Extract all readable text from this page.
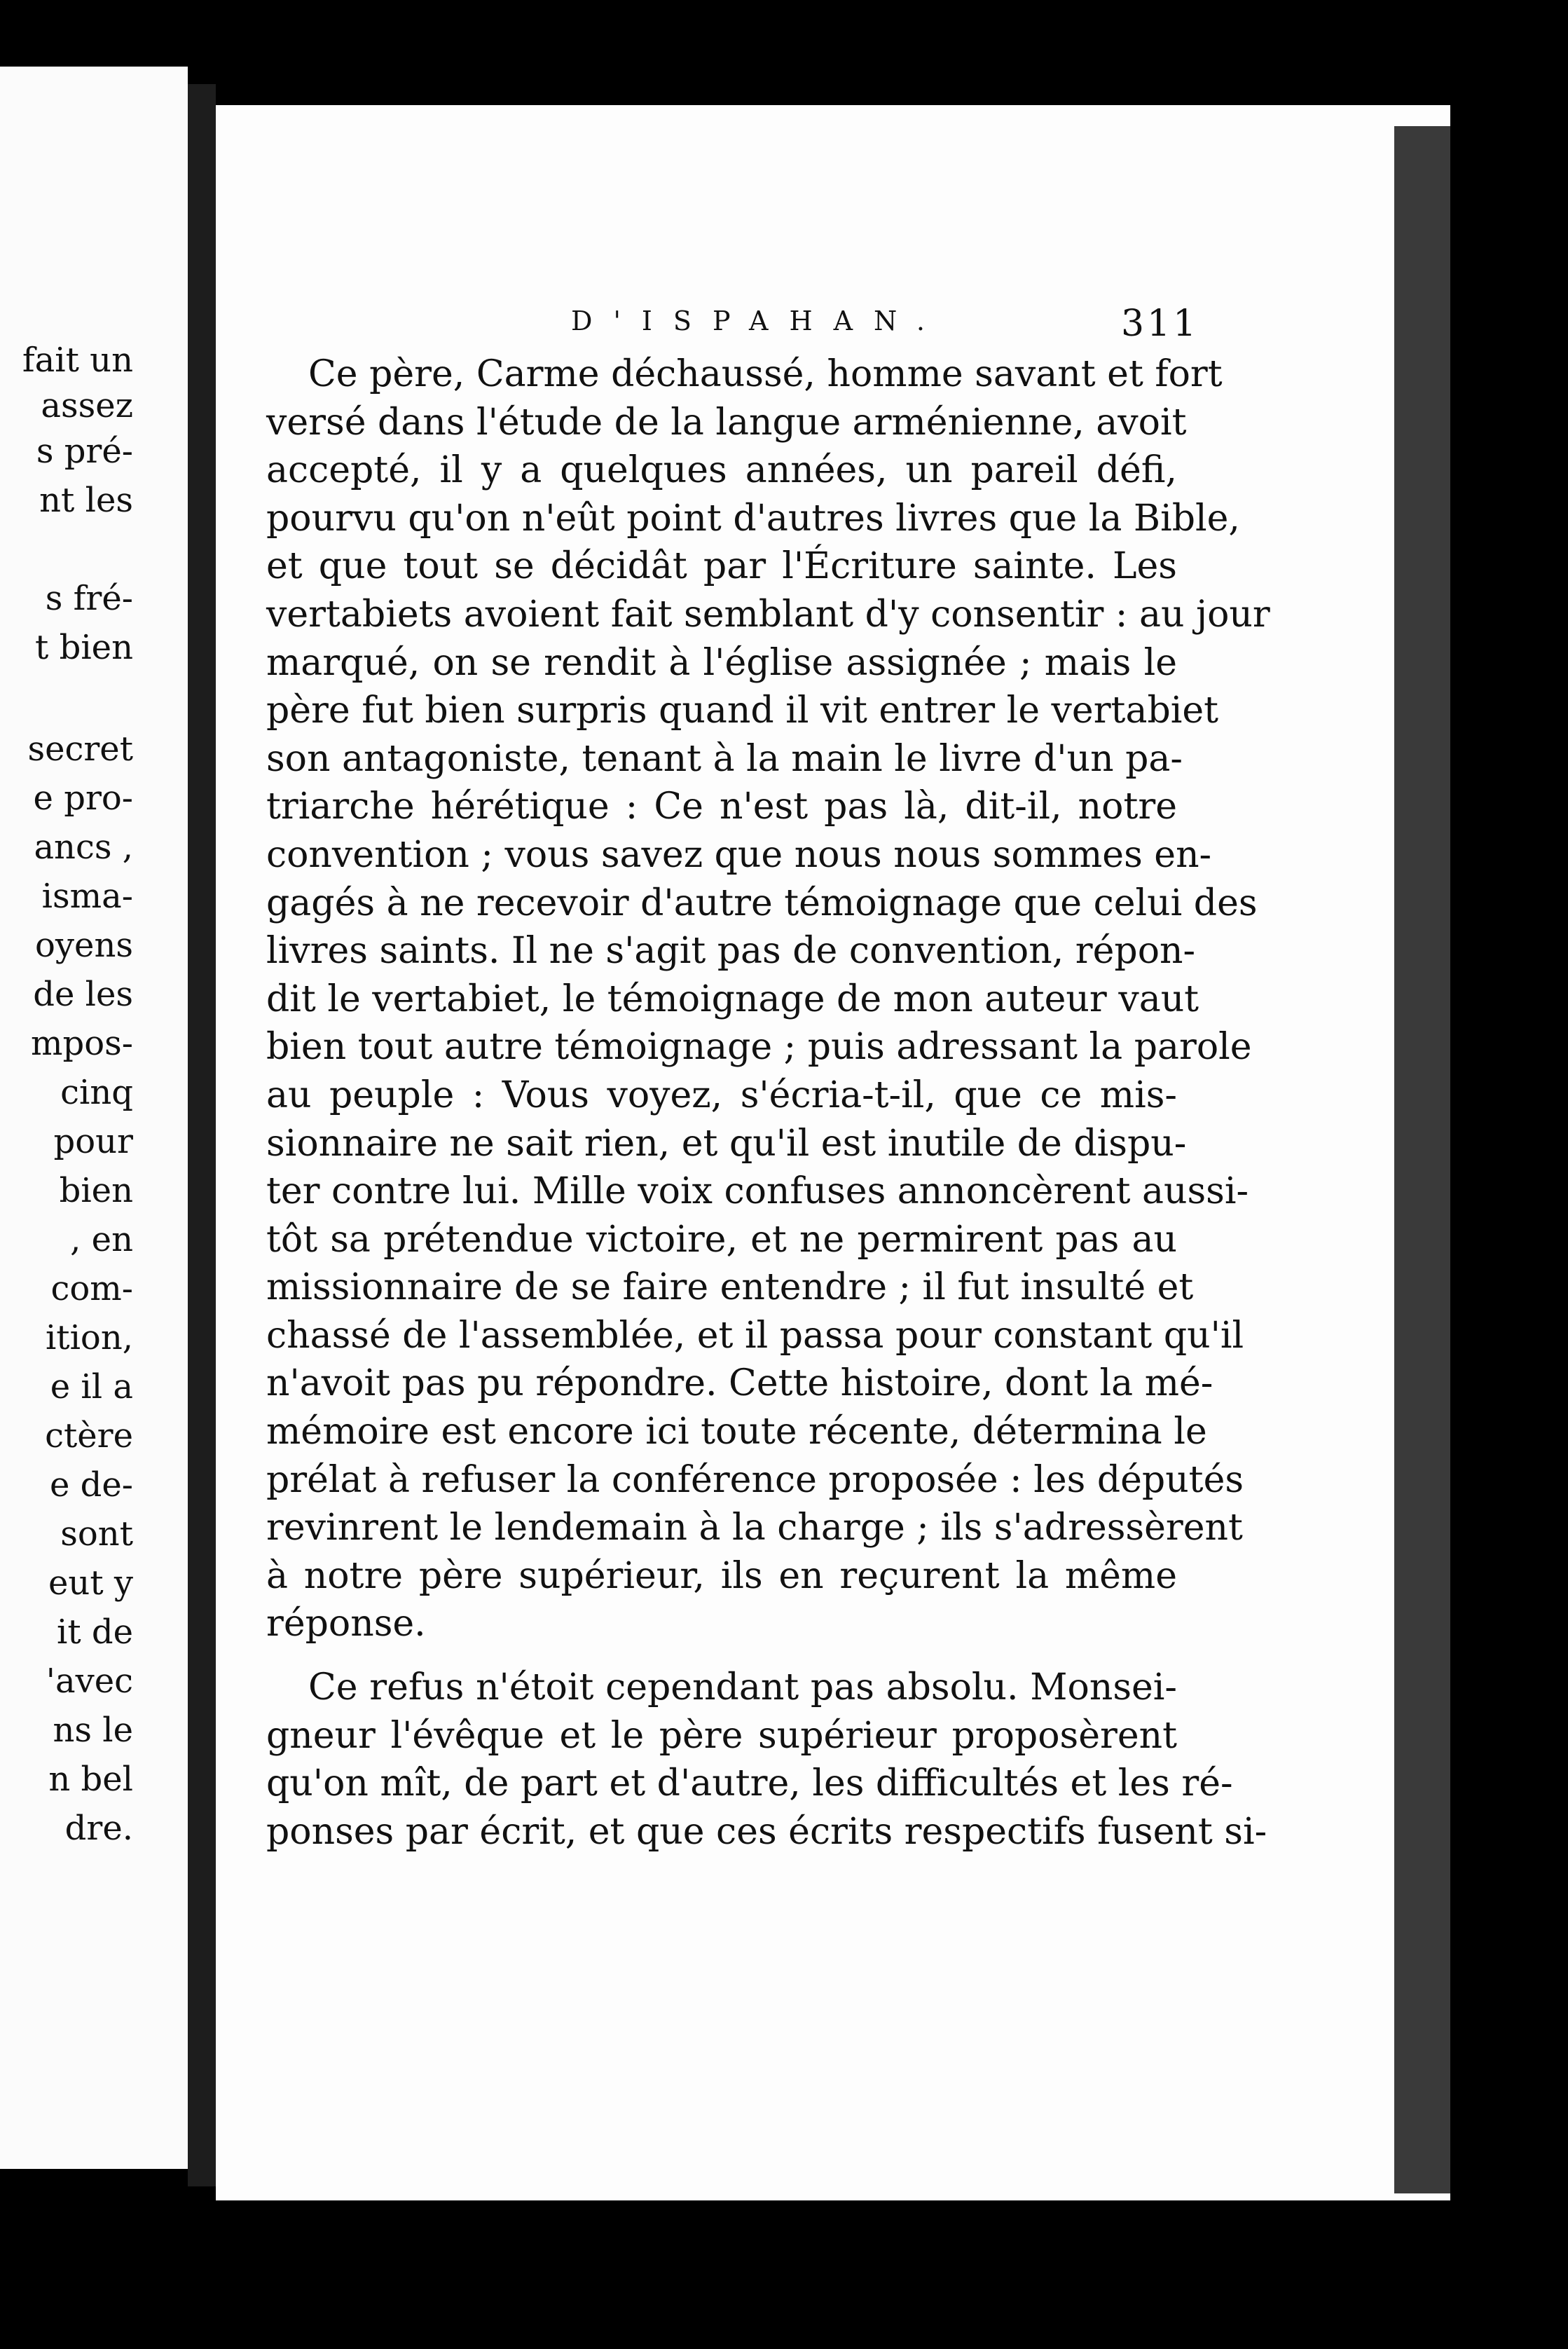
fait un
assez
s pré-
nt les
s fré-
t bien
secret
e pro-
ancs ,
isma-
oyens
de les
mpos-
cinq
pour
bien
, en
com-
ition,
e il a
ctère
e de-
sont
eut y
it de
'avec
ns le
n bel
dre.
D'ISPAHAN.	311
Ce père, Carme déchaussé, homme savant et fort
versé dans l'étude de la langue arménienne, avoit
accepté, il y a quelques années, un pareil défi,
pourvu qu'on n'eût point d'autres livres que la Bible,
et que tout se décidât par l'Écriture sainte. Les
vertabiets avoient fait semblant d'y consentir : au jour
marqué, on se rendit à l'église assignée ; mais le
père fut bien surpris quand il vit entrer le vertabiet
son antagoniste, tenant à la main le livre d'un pa-
triarche hérétique : Ce n'est pas là, dit-il, notre
convention ; vous savez que nous nous sommes en-
gagés à ne recevoir d'autre témoignage que celui des
livres saints. Il ne s'agit pas de convention, répon-
dit le vertabiet, le témoignage de mon auteur vaut
bien tout autre témoignage ; puis adressant la parole
au peuple : Vous voyez, s'écria-t-il, que ce mis-
sionnaire ne sait rien, et qu'il est inutile de dispu-
ter contre lui. Mille voix confuses annoncèrent aussi-
tôt sa prétendue victoire, et ne permirent pas au
missionnaire de se faire entendre ; il fut insulté et
chassé de l'assemblée, et il passa pour constant qu'il
n'avoit pas pu répondre. Cette histoire, dont la mé-
mémoire est encore ici toute récente, détermina le
prélat à refuser la conférence proposée : les députés
revinrent le lendemain à la charge ; ils s'adressèrent
à notre père supérieur, ils en reçurent la même
réponse.
Ce refus n'étoit cependant pas absolu. Monsei-
gneur l'évêque et le père supérieur proposèrent
qu'on mît, de part et d'autre, les difficultés et les ré-
ponses par écrit, et que ces écrits respectifs fusent si-
